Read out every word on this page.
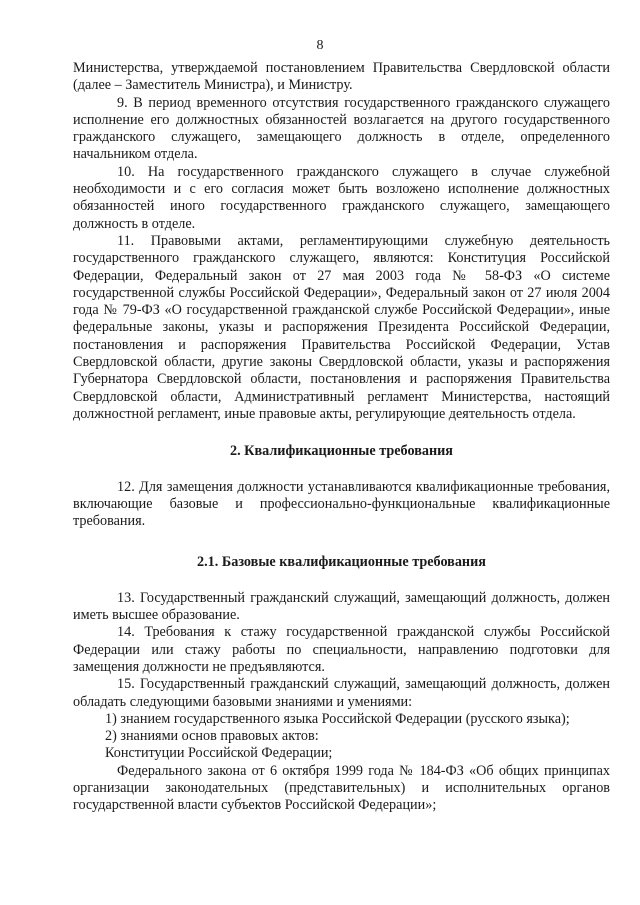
8

Министерства, утверждаемой постановлением Правительства Свердловской области (далее – Заместитель Министра), и Министру.

9. В период временного отсутствия государственного гражданского служащего исполнение его должностных обязанностей возлагается на другого государственного гражданского служащего, замещающего должность в отделе, определенного начальником отдела.

10. На государственного гражданского служащего в случае служебной необходимости и с его согласия может быть возложено исполнение должностных обязанностей иного государственного гражданского служащего, замещающего должность в отделе.

11. Правовыми актами, регламентирующими служебную деятельность государственного гражданского служащего, являются: Конституция Российской Федерации, Федеральный закон от 27 мая 2003 года № 58-ФЗ «О системе государственной службы Российской Федерации», Федеральный закон от 27 июля 2004 года № 79-ФЗ «О государственной гражданской службе Российской Федерации», иные федеральные законы, указы и распоряжения Президента Российской Федерации, постановления и распоряжения Правительства Российской Федерации, Устав Свердловской области, другие законы Свердловской области, указы и распоряжения Губернатора Свердловской области, постановления и распоряжения Правительства Свердловской области, Административный регламент Министерства, настоящий должностной регламент, иные правовые акты, регулирующие деятельность отдела.

2. Квалификационные требования

12. Для замещения должности устанавливаются квалификационные требования, включающие базовые и профессионально-функциональные квалификационные требования.

2.1. Базовые квалификационные требования

13. Государственный гражданский служащий, замещающий должность, должен иметь высшее образование.

14. Требования к стажу государственной гражданской службы Российской Федерации или стажу работы по специальности, направлению подготовки для замещения должности не предъявляются.

15. Государственный гражданский служащий, замещающий должность, должен обладать следующими базовыми знаниями и умениями:

1) знанием государственного языка Российской Федерации (русского языка);

2) знаниями основ правовых актов:

Конституции Российской Федерации;

Федерального закона от 6 октября 1999 года № 184-ФЗ «Об общих принципах организации законодательных (представительных) и исполнительных органов государственной власти субъектов Российской Федерации»;
